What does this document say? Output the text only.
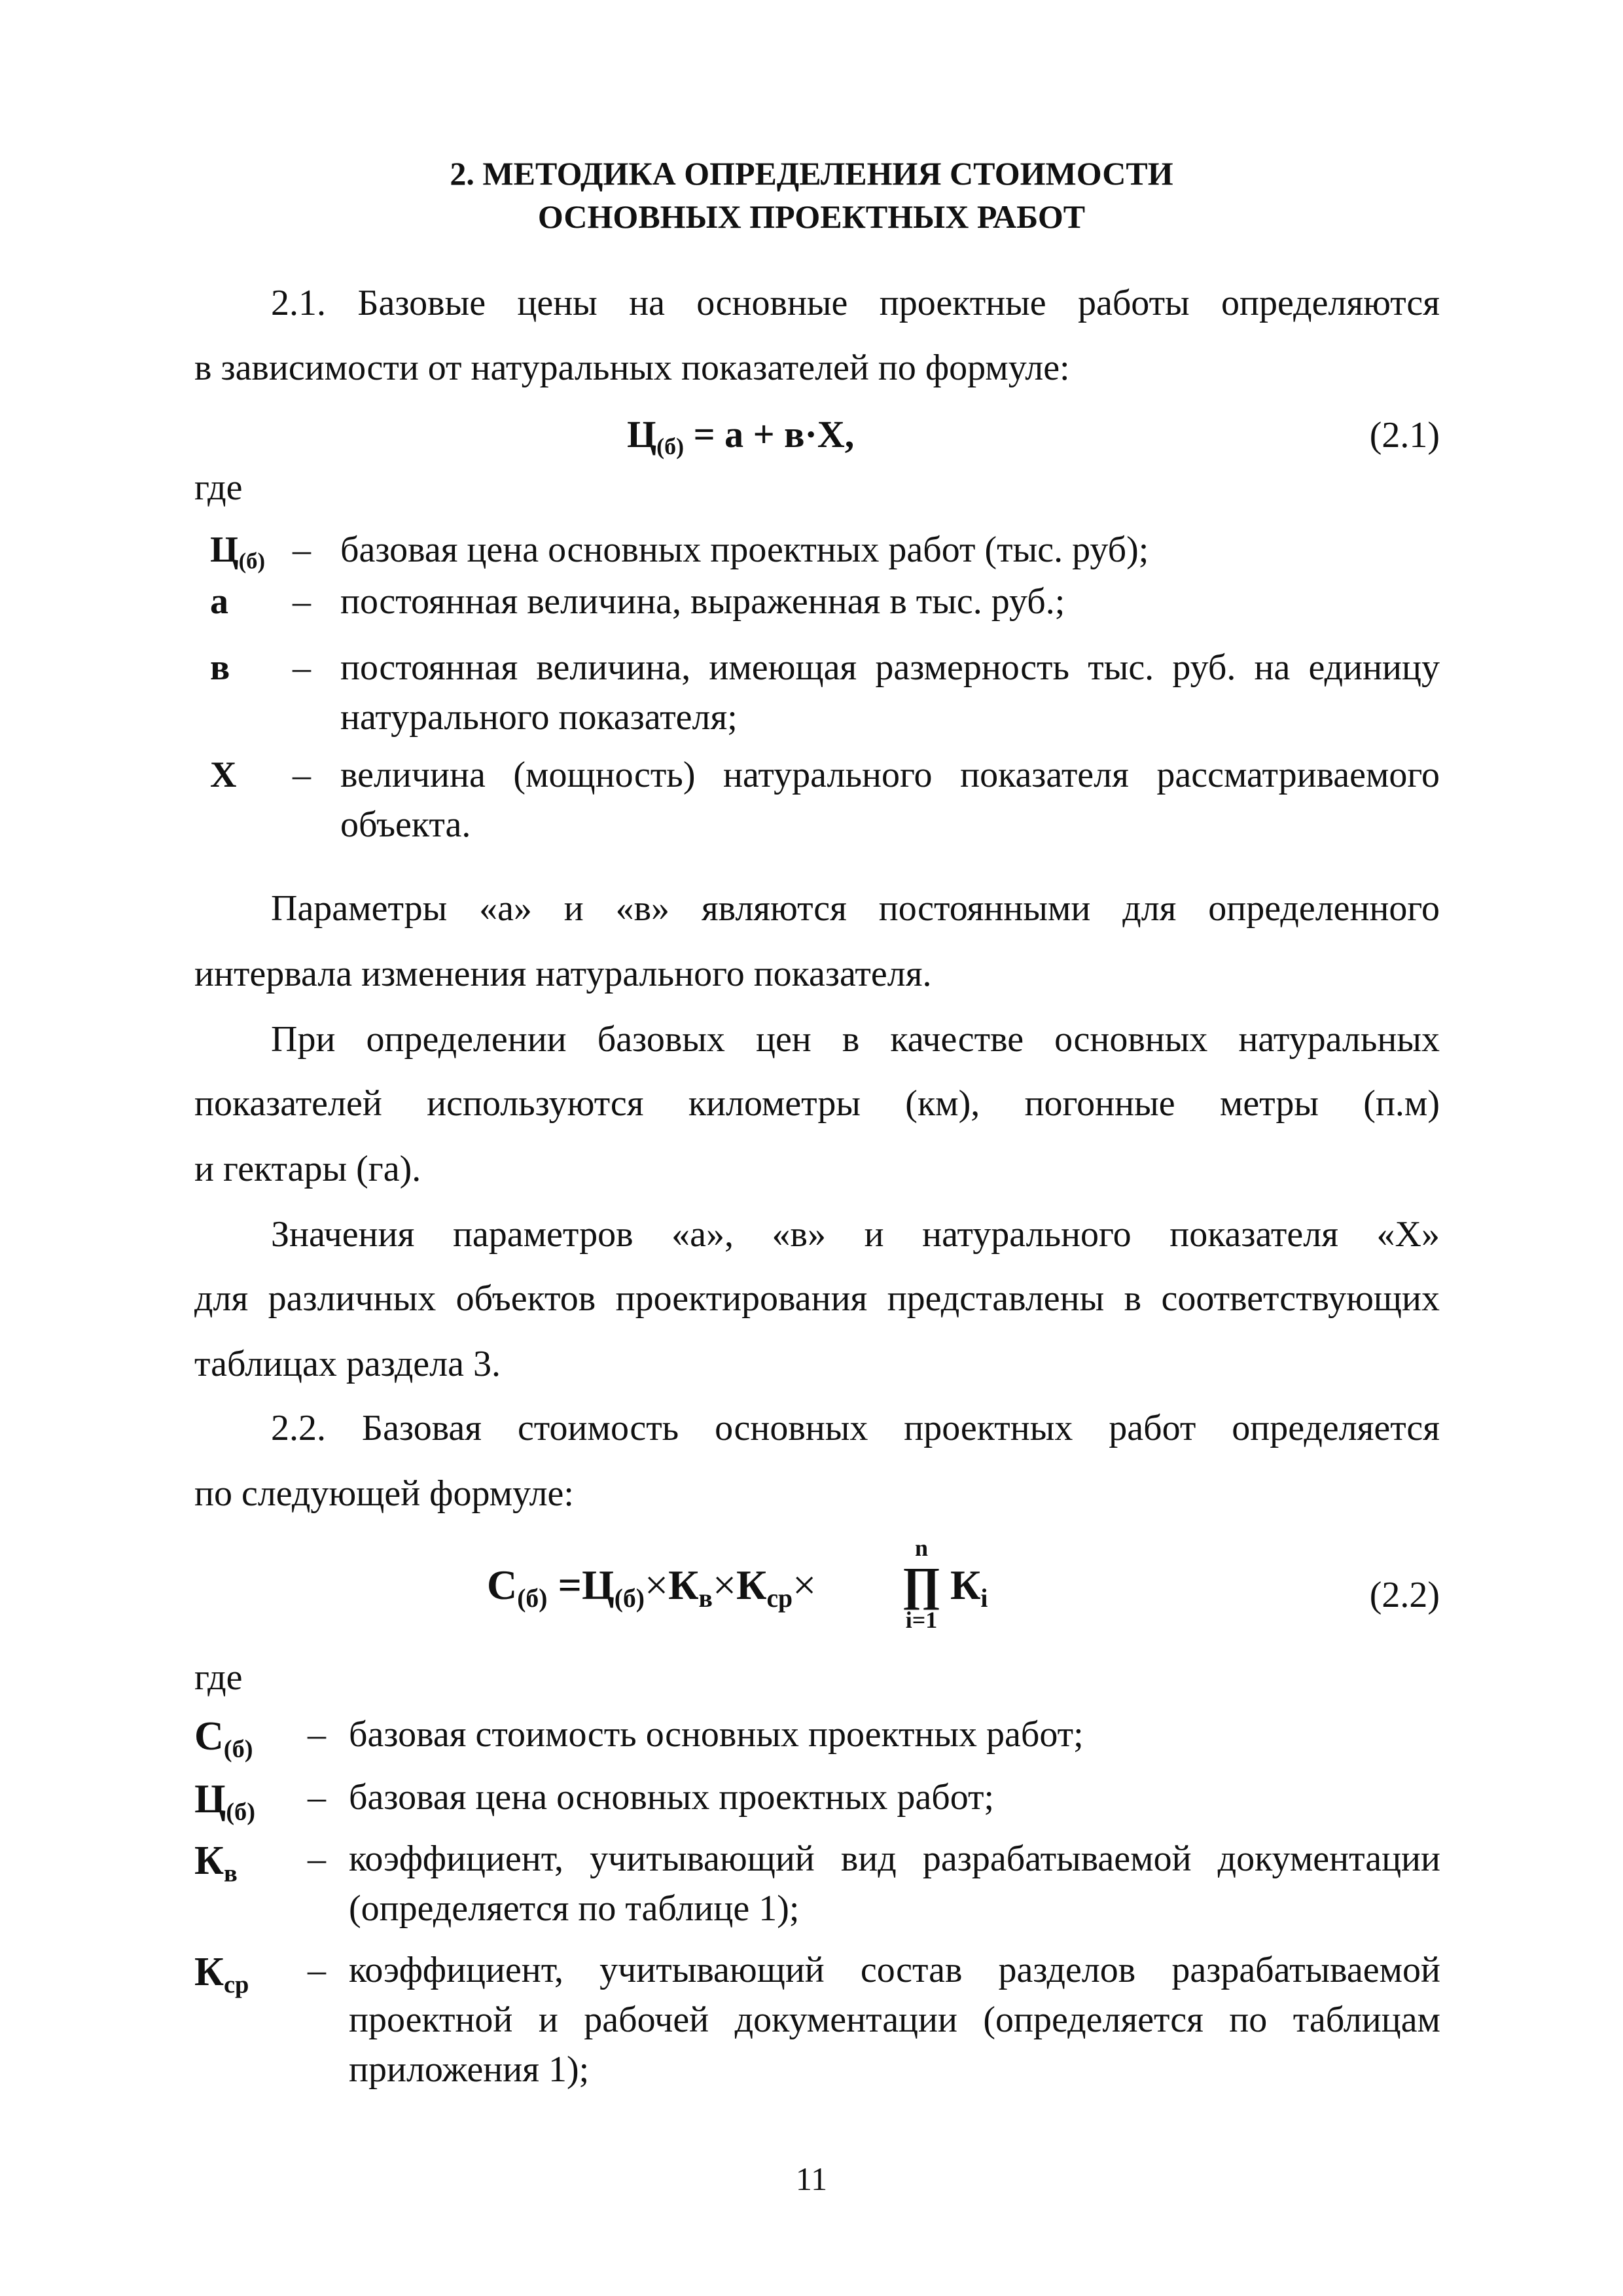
2. МЕТОДИКА ОПРЕДЕЛЕНИЯ СТОИМОСТИ
ОСНОВНЫХ ПРОЕКТНЫХ РАБОТ
2.1. Базовые цены на основные проектные работы определяются
в зависимости от натуральных показателей по формуле:
$Ц_{(б)} = а + в\cdot Х$,	(2.1)
где
$Ц_{(б)}$ – базовая цена основных проектных работ (тыс. руб);
а – постоянная величина, выраженная в тыс. руб.;
в – постоянная величина, имеющая размерность тыс. руб. на единицу
натурального показателя;
Х – величина (мощность) натурального показателя рассматриваемого
объекта.
Параметры «а» и «в» являются постоянными для определенного
интервала изменения натурального показателя.
При определении базовых цен в качестве основных натуральных
показателей используются километры (км), погонные метры (п.м)
и гектары (га).
Значения параметров «а», «в» и натурального показателя «Х»
для различных объектов проектирования представлены в соответствующих
таблицах раздела 3.
2.2. Базовая стоимость основных проектных работ определяется
по следующей формуле:
$С_{(б)} =Ц_{(б)}\times К_в\times К_{ср}\times$
n
∏
i=1
$К_i$	(2.2)
где
$С_{(б)}$ – базовая стоимость основных проектных работ;
$Ц_{(б)}$ – базовая цена основных проектных работ;
$К_в$ – коэффициент, учитывающий вид разрабатываемой документации
(определяется по таблице 1);
$К_{ср}$ – коэффициент, учитывающий состав разделов разрабатываемой
проектной и рабочей документации (определяется по таблицам
приложения 1);
11
